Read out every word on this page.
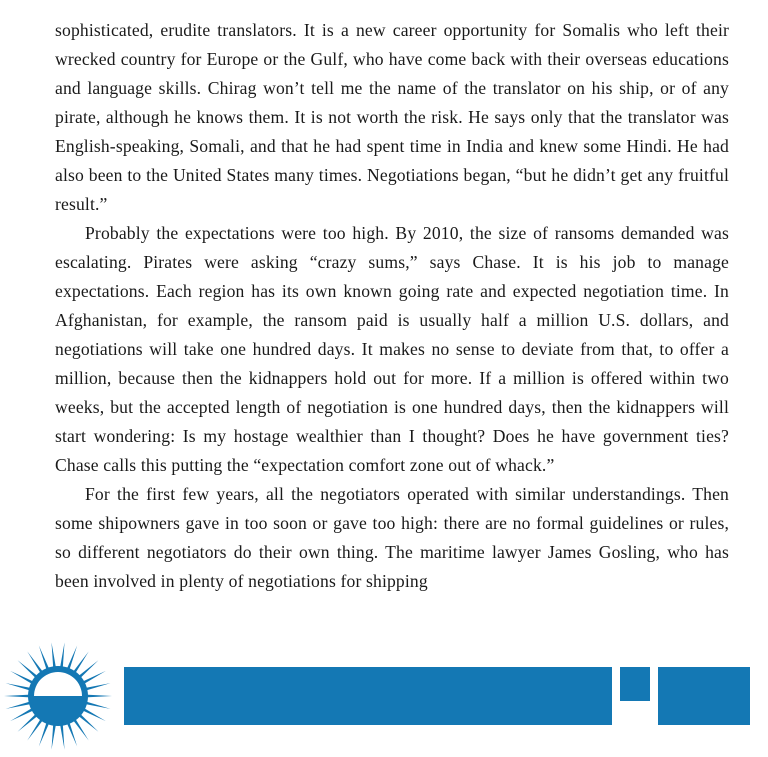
sophisticated, erudite translators. It is a new career opportunity for Somalis who left their wrecked country for Europe or the Gulf, who have come back with their overseas educations and language skills. Chirag won’t tell me the name of the translator on his ship, or of any pirate, although he knows them. It is not worth the risk. He says only that the translator was English-speaking, Somali, and that he had spent time in India and knew some Hindi. He had also been to the United States many times. Negotiations began, “but he didn’t get any fruitful result.”

Probably the expectations were too high. By 2010, the size of ransoms demanded was escalating. Pirates were asking “crazy sums,” says Chase. It is his job to manage expectations. Each region has its own known going rate and expected negotiation time. In Afghanistan, for example, the ransom paid is usually half a million U.S. dollars, and negotiations will take one hundred days. It makes no sense to deviate from that, to offer a million, because then the kidnappers hold out for more. If a million is offered within two weeks, but the accepted length of negotiation is one hundred days, then the kidnappers will start wondering: Is my hostage wealthier than I thought? Does he have government ties? Chase calls this putting the “expectation comfort zone out of whack.”

For the first few years, all the negotiators operated with similar understandings. Then some shipowners gave in too soon or gave too high: there are no formal guidelines or rules, so different negotiators do their own thing. The maritime lawyer James Gosling, who has been involved in plenty of negotiations for shipping
